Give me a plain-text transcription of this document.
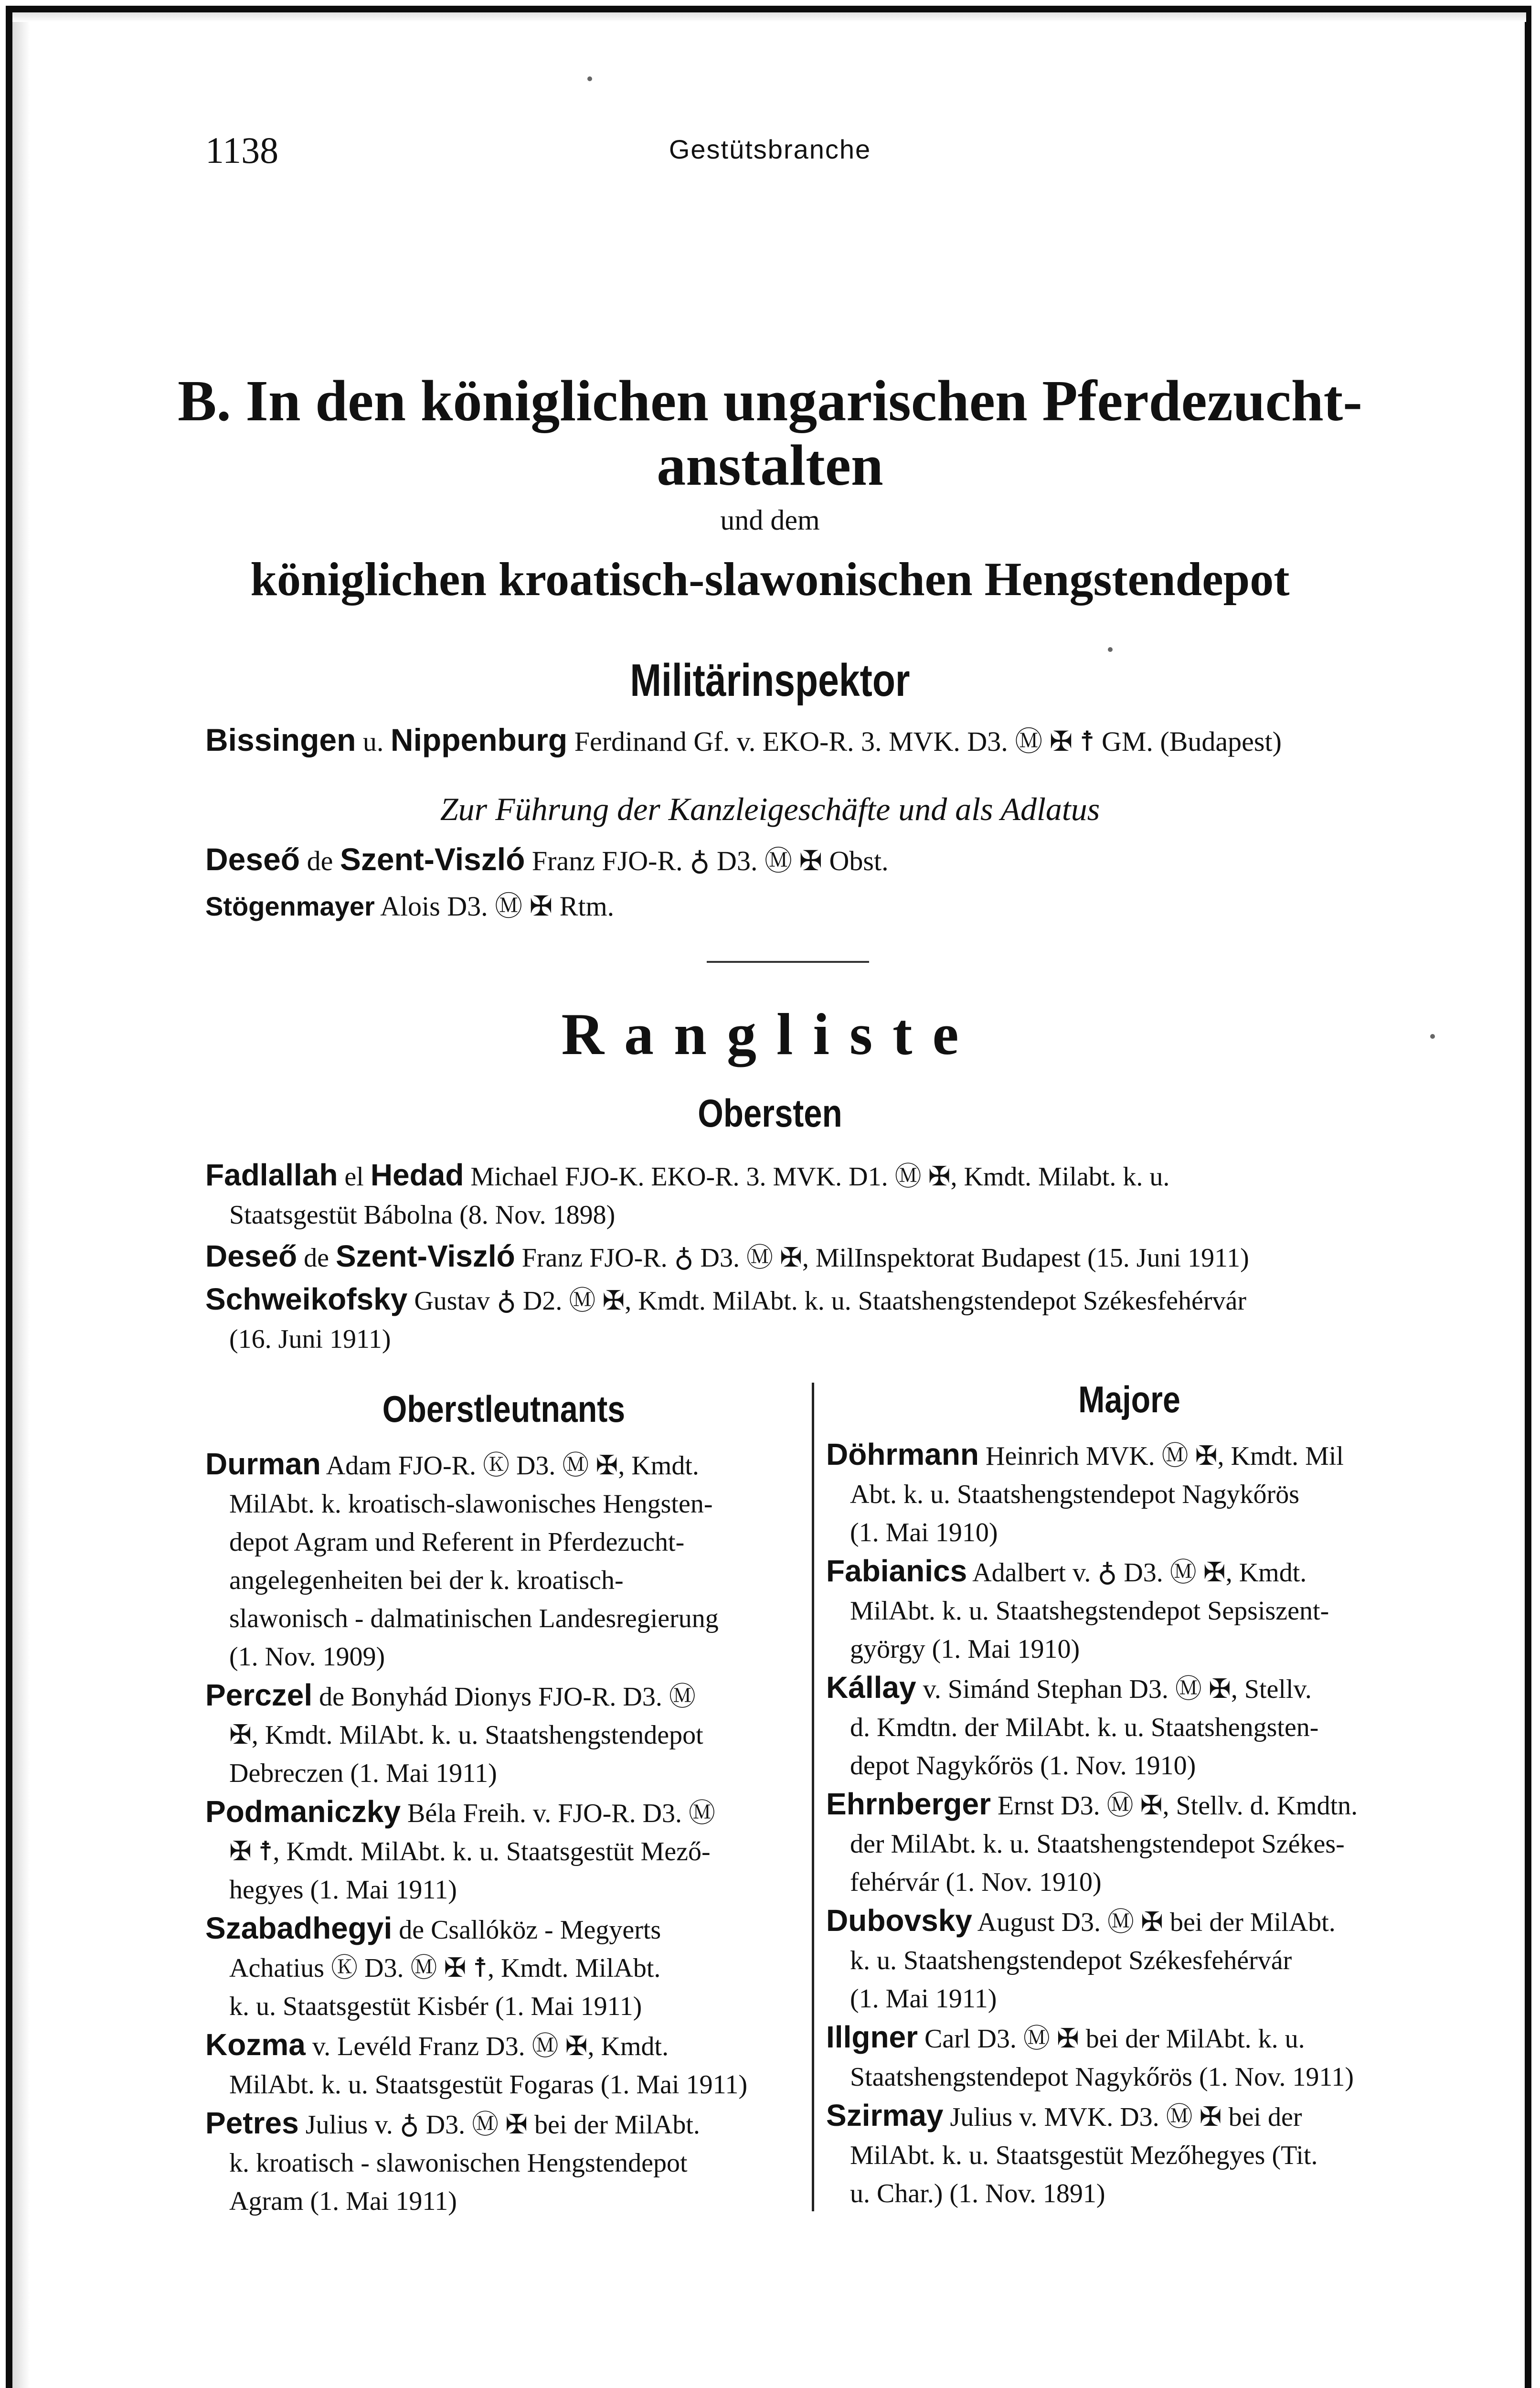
1138	Gestütsbranche
B. In den königlichen ungarischen Pferdezucht-
anstalten
und dem
königlichen kroatisch-slawonischen Hengstendepot
Militärinspektor
Bissingen u. Nippenburg Ferdinand Gf. v. EKO-R. 3. MVK. D3. Ⓜ ✠ ☨ GM. (Budapest)
Zur Führung der Kanzleigeschäfte und als Adlatus
Deseő de Szent-Viszló Franz FJO-R. ♁ D3. Ⓜ ✠ Obst.
Stögenmayer Alois D3. Ⓜ ✠ Rtm.
Rangliste
Obersten
Fadlallah el Hedad Michael FJO-K. EKO-R. 3. MVK. D1. Ⓜ ✠, Kmdt. Milabt. k. u.
Staatsgestüt Bábolna (8. Nov. 1898)
Deseő de Szent-Viszló Franz FJO-R. ♁ D3. Ⓜ ✠, MilInspektorat Budapest (15. Juni 1911)
Schweikofsky Gustav ♁ D2. Ⓜ ✠, Kmdt. MilAbt. k. u. Staatshengstendepot Székesfehérvár
(16. Juni 1911)
Oberstleutnants	Majore
Durman Adam FJO-R. Ⓚ D3. Ⓜ ✠, Kmdt.
MilAbt. k. kroatisch-slawonisches Hengsten-
depot Agram und Referent in Pferdezucht-
angelegenheiten bei der k. kroatisch-
slawonisch - dalmatinischen Landesregierung
(1. Nov. 1909)
Perczel de Bonyhád Dionys FJO-R. D3. Ⓜ
✠, Kmdt. MilAbt. k. u. Staatshengstendepot
Debreczen (1. Mai 1911)
Podmaniczky Béla Freih. v. FJO-R. D3. Ⓜ
✠ ☨, Kmdt. MilAbt. k. u. Staatsgestüt Mező-
hegyes (1. Mai 1911)
Szabadhegyi de Csallóköz - Megyerts
Achatius Ⓚ D3. Ⓜ ✠ ☨, Kmdt. MilAbt.
k. u. Staatsgestüt Kisbér (1. Mai 1911)
Kozma v. Levéld Franz D3. Ⓜ ✠, Kmdt.
MilAbt. k. u. Staatsgestüt Fogaras (1. Mai 1911)
Petres Julius v. ♁ D3. Ⓜ ✠ bei der MilAbt.
k. kroatisch - slawonischen Hengstendepot
Agram (1. Mai 1911)
Döhrmann Heinrich MVK. Ⓜ ✠, Kmdt. Mil
Abt. k. u. Staatshengstendepot Nagykőrös
(1. Mai 1910)
Fabianics Adalbert v. ♁ D3. Ⓜ ✠, Kmdt.
MilAbt. k. u. Staatshegstendepot Sepsiszent-
györgy (1. Mai 1910)
Kállay v. Simánd Stephan D3. Ⓜ ✠, Stellv.
d. Kmdtn. der MilAbt. k. u. Staatshengsten-
depot Nagykőrös (1. Nov. 1910)
Ehrnberger Ernst D3. Ⓜ ✠, Stellv. d. Kmdtn.
der MilAbt. k. u. Staatshengstendepot Székes-
fehérvár (1. Nov. 1910)
Dubovsky August D3. Ⓜ ✠ bei der MilAbt.
k. u. Staatshengstendepot Székesfehérvár
(1. Mai 1911)
Illgner Carl D3. Ⓜ ✠ bei der MilAbt. k. u.
Staatshengstendepot Nagykőrös (1. Nov. 1911)
Szirmay Julius v. MVK. D3. Ⓜ ✠ bei der
MilAbt. k. u. Staatsgestüt Mezőhegyes (Tit.
u. Char.) (1. Nov. 1891)
